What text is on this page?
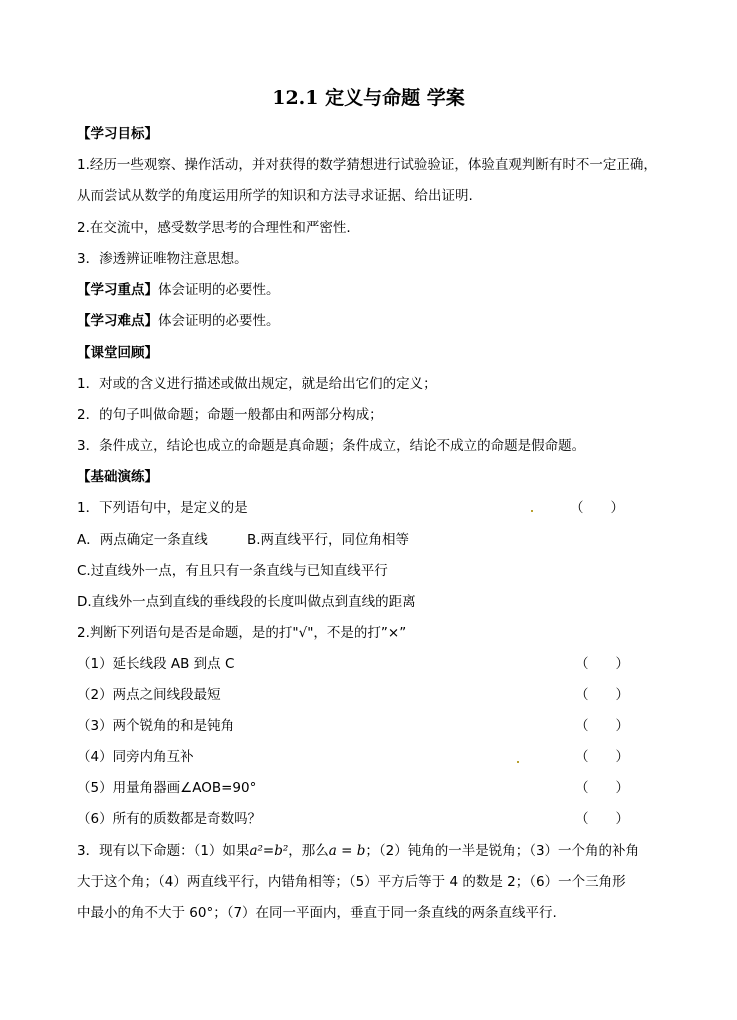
12.1 定义与命题 学案
【学习目标】
1.经历一些观察、操作活动，并对获得的数学猜想进行试验验证，体验直观判断有时不一定正确，
从而尝试从数学的角度运用所学的知识和方法寻求证据、给出证明.
2.在交流中，感受数学思考的合理性和严密性.
3．渗透辨证唯物注意思想。
【学习重点】体会证明的必要性。
【学习难点】体会证明的必要性。
【课堂回顾】
1．对或的含义进行描述或做出规定，就是给出它们的定义；
2．的句子叫做命题；命题一般都由和两部分构成；
3．条件成立，结论也成立的命题是真命题；条件成立，结论不成立的命题是假命题。
【基础演练】
1．下列语句中，是定义的是	（　　）
A．两点确定一条直线	B.两直线平行，同位角相等
C.过直线外一点，有且只有一条直线与已知直线平行
D.直线外一点到直线的垂线段的长度叫做点到直线的距离
2.判断下列语句是否是命题，是的打"√"，不是的打”×”
（1）延长线段 AB 到点 C	（　　）
（2）两点之间线段最短	（　　）
（3）两个锐角的和是钝角	（　　）
（4）同旁内角互补	（　　）
（5）用量角器画∠AOB=90°	（　　）
（6）所有的质数都是奇数吗？	（　　）
3．现有以下命题：（1）如果a²=b²，那么a = b；（2）钝角的一半是锐角；（3）一个角的补角
大于这个角；（4）两直线平行，内错角相等；（5）平方后等于 4 的数是 2；（6）一个三角形
中最小的角不大于 60°；（7）在同一平面内，垂直于同一条直线的两条直线平行.
